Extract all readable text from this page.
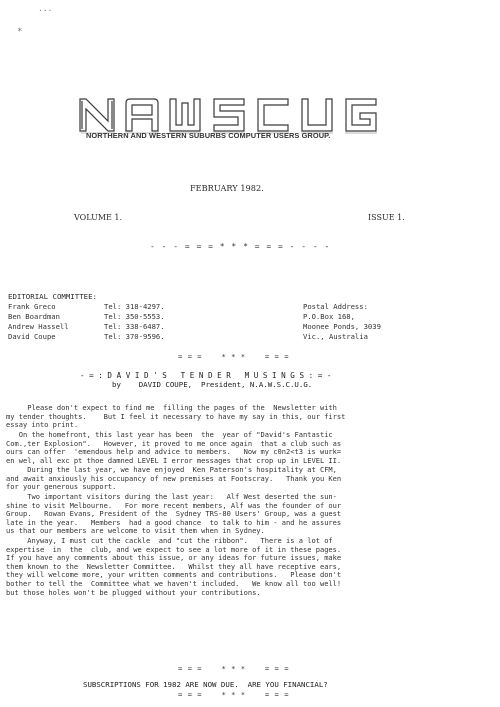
...
*
NORTHERN AND WESTERN SUBURBS COMPUTER USERS GROUP.
FEBRUARY 1982.
VOLUME 1.	ISSUE 1.
- - - = = = * * * = = = - - - -
EDITORIAL COMMITTEE:
Frank Greco	Tel: 318-4297.
Ben Boardman	Tel: 350-5553.
Andrew Hassell	Tel: 338-6487.
David Coupe	Tel: 370-9596.
Postal Address:
P.O.Box 168,
Moonee Ponds, 3039
Vic., Australia
= = =    * * *    = = =
- = : D A V I D ' S   T E N D E R   M U S I N G S : = -
by    DAVID COUPE,  President, N.A.W.S.C.U.G.
Please don't expect to find me  filling the pages of the  Newsletter with
my tender thoughts.    But I feel it necessary to have my say in this, our first
essay into print.
On the homefront, this last year has been  the  year of "David's Fantastic
Com.,ter Explosion".   However, it proved to me once again  that a club such as
ours can offer  'emendous help and advice to members.   Now my c0n2<t3 is wurk=
en wel, all exc pt thoe damned LEVEL I error messages that crop up in LEVEL II.
During the last year, we have enjoyed  Ken Paterson's hospitality at CFM,
and await anxiously his occupancy of new premises at Footscray.   Thank you Ken
for your generous support.
Two important visitors during the last year:   Alf West deserted the sun-
shine to visit Melbourne.   For more recent members, Alf was the founder of our
Group.   Rowan Evans, President of the  Sydney TRS-80 Users' Group, was a guest
late in the year.   Members  had a good chance  to talk to him - and he assures
us that our members are welcome to visit them when in Sydney.
Anyway, I must cut the cackle  and "cut the ribbon".   There is a lot of
expertise  in  the  club, and we expect to see a lot more of it in these pages.
If you have any comments about this issue, or any ideas for future issues, make
them known to the  Newsletter Committee.   Whilst they all have receptive ears,
they will welcome more, your written comments and contributions.   Please don't
bother to tell the  Committee what we haven't included.   We know all too well!
but those holes won't be plugged without your contributions.
= = =    * * *    = = =
SUBSCRIPTIONS FOR 1982 ARE NOW DUE.  ARE YOU FINANCIAL?
= = =    * * *    = = =
